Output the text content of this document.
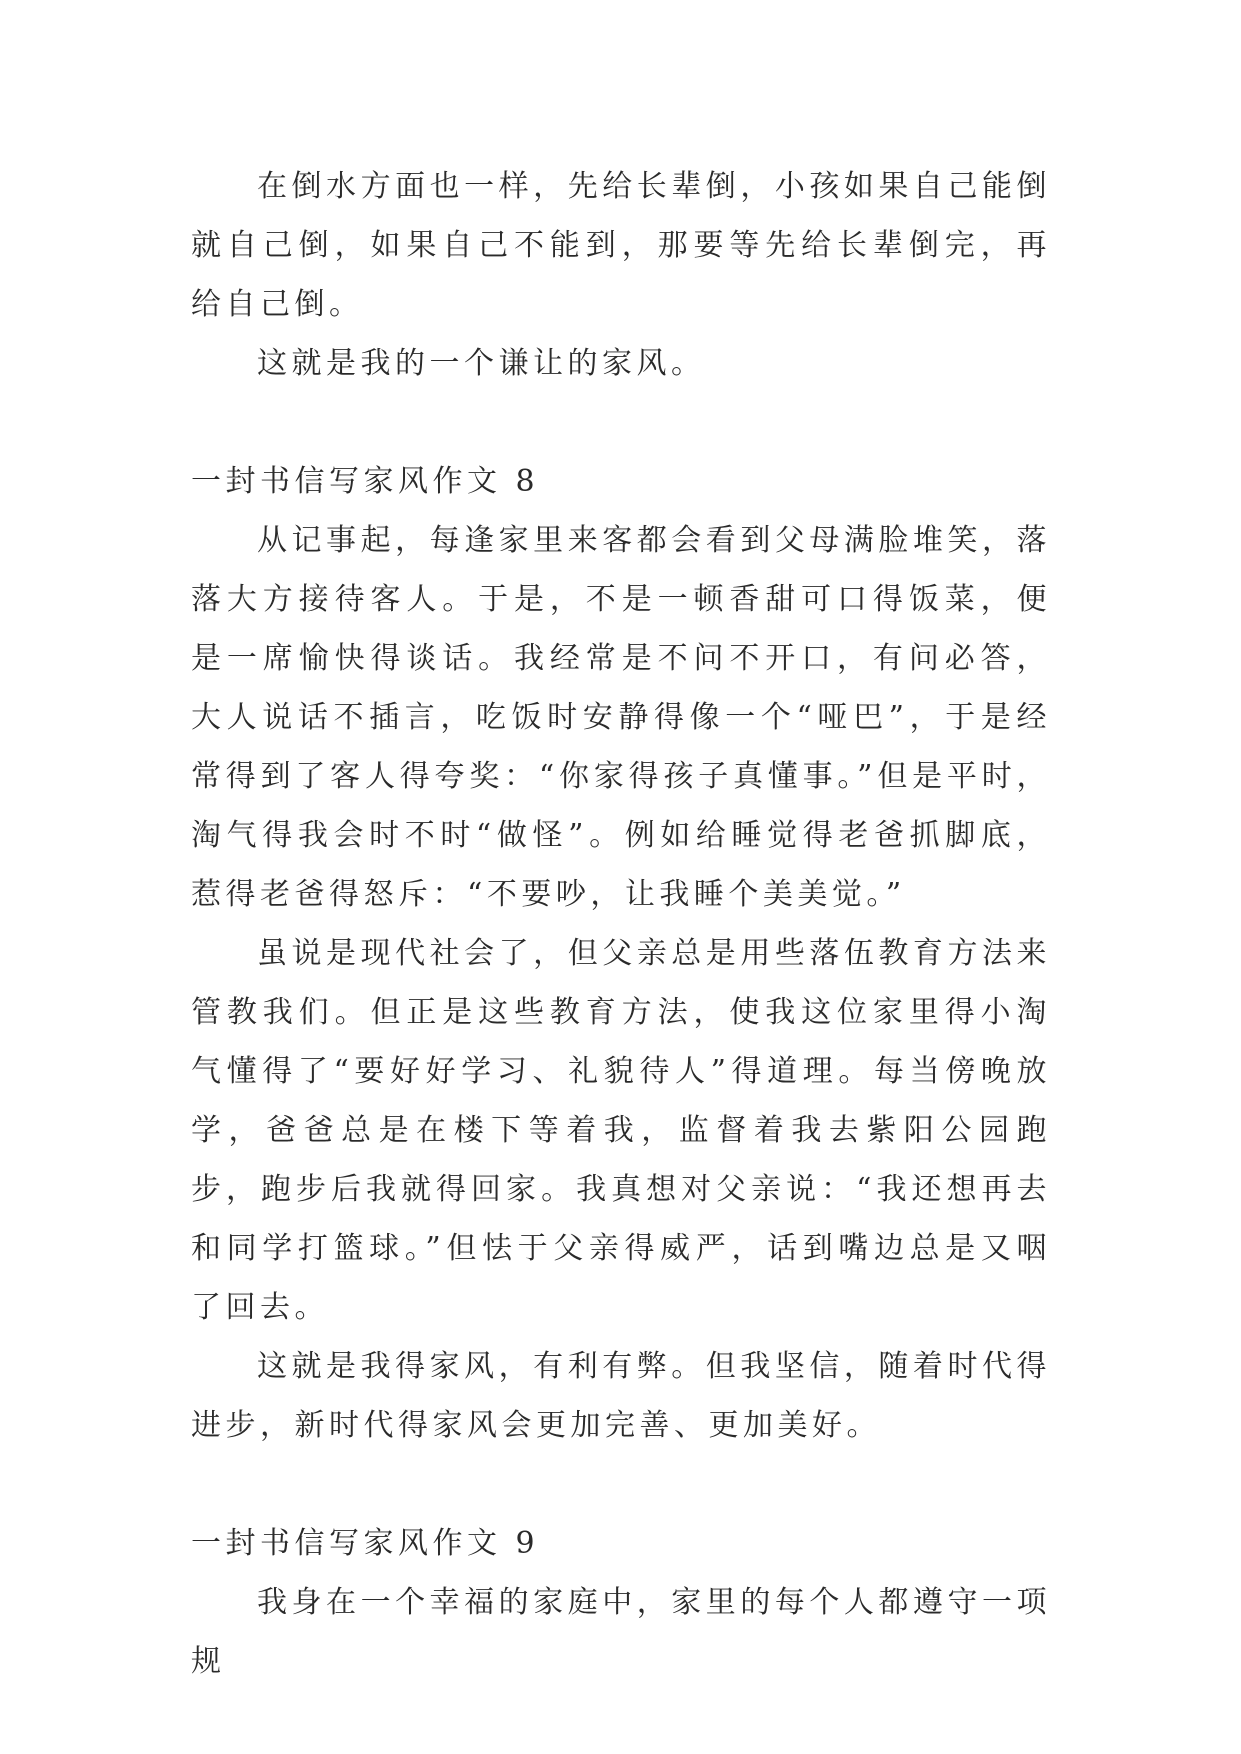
在倒水方面也一样，先给长辈倒，小孩如果自己能倒就自己倒，如果自己不能到，那要等先给长辈倒完，再给自己倒。

这就是我的一个谦让的家风。

一封书信写家风作文 8

从记事起，每逢家里来客都会看到父母满脸堆笑，落落大方接待客人。于是，不是一顿香甜可口得饭菜，便是一席愉快得谈话。我经常是不问不开口，有问必答，大人说话不插言，吃饭时安静得像一个“哑巴”，于是经常得到了客人得夸奖：“你家得孩子真懂事。”但是平时，淘气得我会时不时“做怪”。例如给睡觉得老爸抓脚底，惹得老爸得怒斥：“不要吵，让我睡个美美觉。”

虽说是现代社会了，但父亲总是用些落伍教育方法来管教我们。但正是这些教育方法，使我这位家里得小淘气懂得了“要好好学习、礼貌待人”得道理。每当傍晚放学，爸爸总是在楼下等着我，监督着我去紫阳公园跑步，跑步后我就得回家。我真想对父亲说：“我还想再去和同学打篮球。”但怯于父亲得威严，话到嘴边总是又咽了回去。

这就是我得家风，有利有弊。但我坚信，随着时代得进步，新时代得家风会更加完善、更加美好。

一封书信写家风作文 9

我身在一个幸福的家庭中，家里的每个人都遵守一项规
